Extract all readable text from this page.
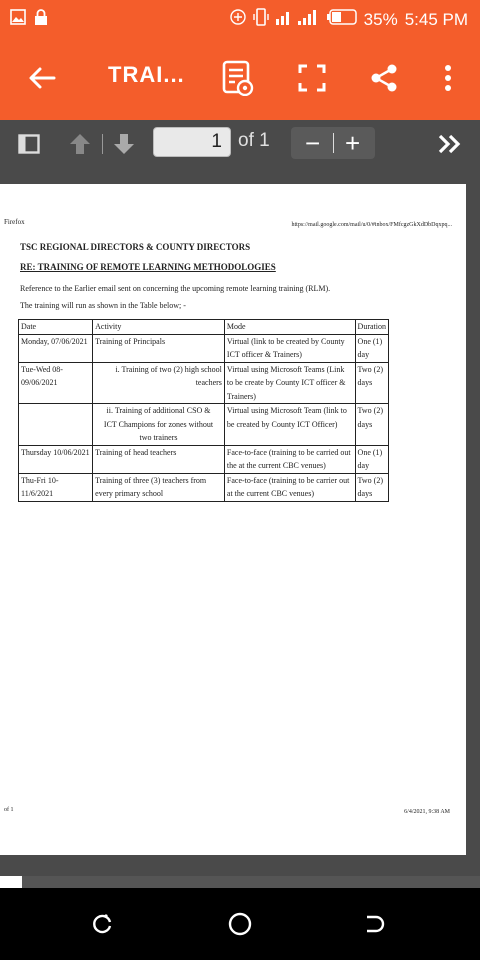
35% 5:45 PM
TRAI...
1 of 1 − +
Firefox	https://mail.google.com/mail/u/0/#inbox/FMfcgzGkXdDbDqxpq...
TSC REGIONAL DIRECTORS & COUNTY DIRECTORS
RE: TRAINING OF REMOTE LEARNING METHODOLOGIES
Reference to the Earlier email sent on concerning the upcoming remote learning training (RLM).
The training will run as shown in the Table below; -
Date	Activity	Mode	Duration
Monday, 07/06/2021	Training of Principals	Virtual (link to be created by County ICT officer & Trainers)	One (1) day
Tue-Wed 08-09/06/2021	i. Training of two (2) high school teachers	Virtual using Microsoft Teams (Link to be create by County ICT officer & Trainers)	Two (2) days
	ii. Training of additional CSO & ICT Champions for zones without two trainers	Virtual using Microsoft Team (link to be created by County ICT Officer)	Two (2) days
Thursday 10/06/2021	Training of head teachers	Face-to-face (training to be carried out the at the current CBC venues)	One (1) day
Thu-Fri 10-11/6/2021	Training of three (3) teachers from every primary school	Face-to-face (training to be carrier out at the current CBC venues)	Two (2) days
of 1	6/4/2021, 9:38 AM
